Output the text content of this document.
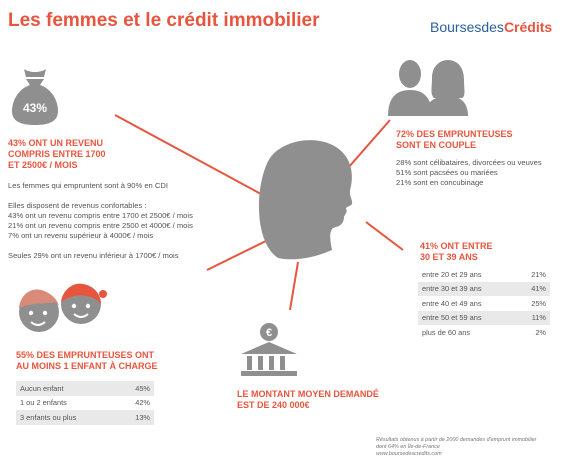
Les femmes et le crédit immobilier	BoursesdesCrédits
43%
43% ONT UN REVENU
COMPRIS ENTRE 1700
ET 2500€ / MOIS
Les femmes qui empruntent sont à 90% en CDI
Elles disposent de revenus confortables :
43% ont un revenu compris entre 1700 et 2500€ / mois
21% ont un revenu compris entre 2500 et 4000€ / mois
7% ont un revenu supérieur à 4000€ / mois
Seules 29% ont un revenu inférieur à 1700€ / mois
72% DES EMPRUNTEUSES
SONT EN COUPLE
28% sont célibataires, divorcées ou veuves
51% sont pacsées ou mariées
21% sont en concubinage
41% ONT ENTRE
30 ET 39 ANS
entre 20 et 29 ans	21%
entre 30 et 39 ans	41%
entre 40 et 49 ans	25%
entre 50 et 59 ans	11%
plus de 60 ans	2%
55% DES EMPRUNTEUSES ONT
AU MOINS 1 ENFANT À CHARGE
Aucun enfant	45%
1 ou 2 enfants	42%
3 enfants ou plus	13%
€
LE MONTANT MOYEN DEMANDÉ
EST DE 240 000€
Résultats obtenus à partir de 2000 demandes d'emprunt immobilier
dont 64% en Île-de-France
www.boursedescredits.com
